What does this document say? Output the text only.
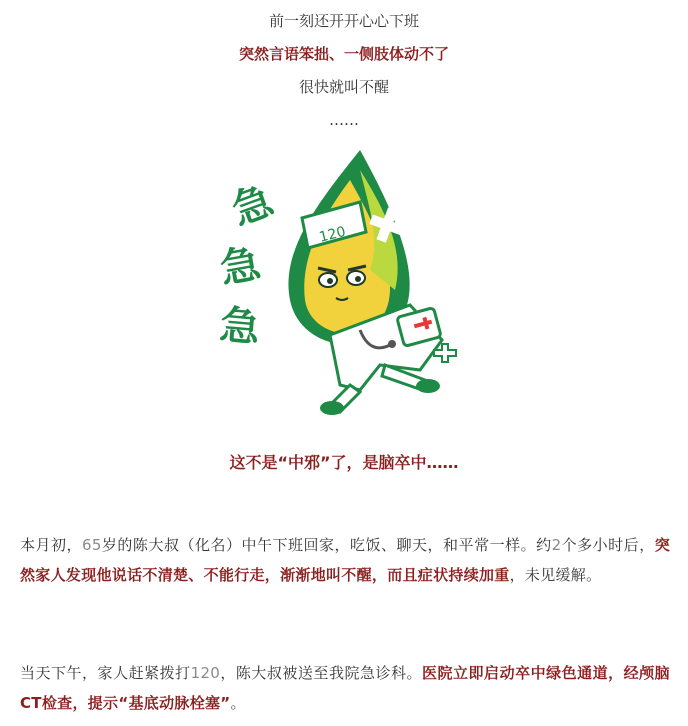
前一刻还开开心心下班
突然言语笨拙、一侧肢体动不了
很快就叫不醒
……
急
急
急
120
这不是“中邪”了，是脑卒中……
本月初，65岁的陈大叔（化名）中午下班回家，吃饭、聊天，和平常一样。约2个多小时后，突然家人发现他说话不清楚、不能行走，渐渐地叫不醒，而且症状持续加重，未见缓解。
当天下午，家人赶紧拨打120，陈大叔被送至我院急诊科。医院立即启动卒中绿色通道，经颅脑CT检查，提示“基底动脉栓塞”。
